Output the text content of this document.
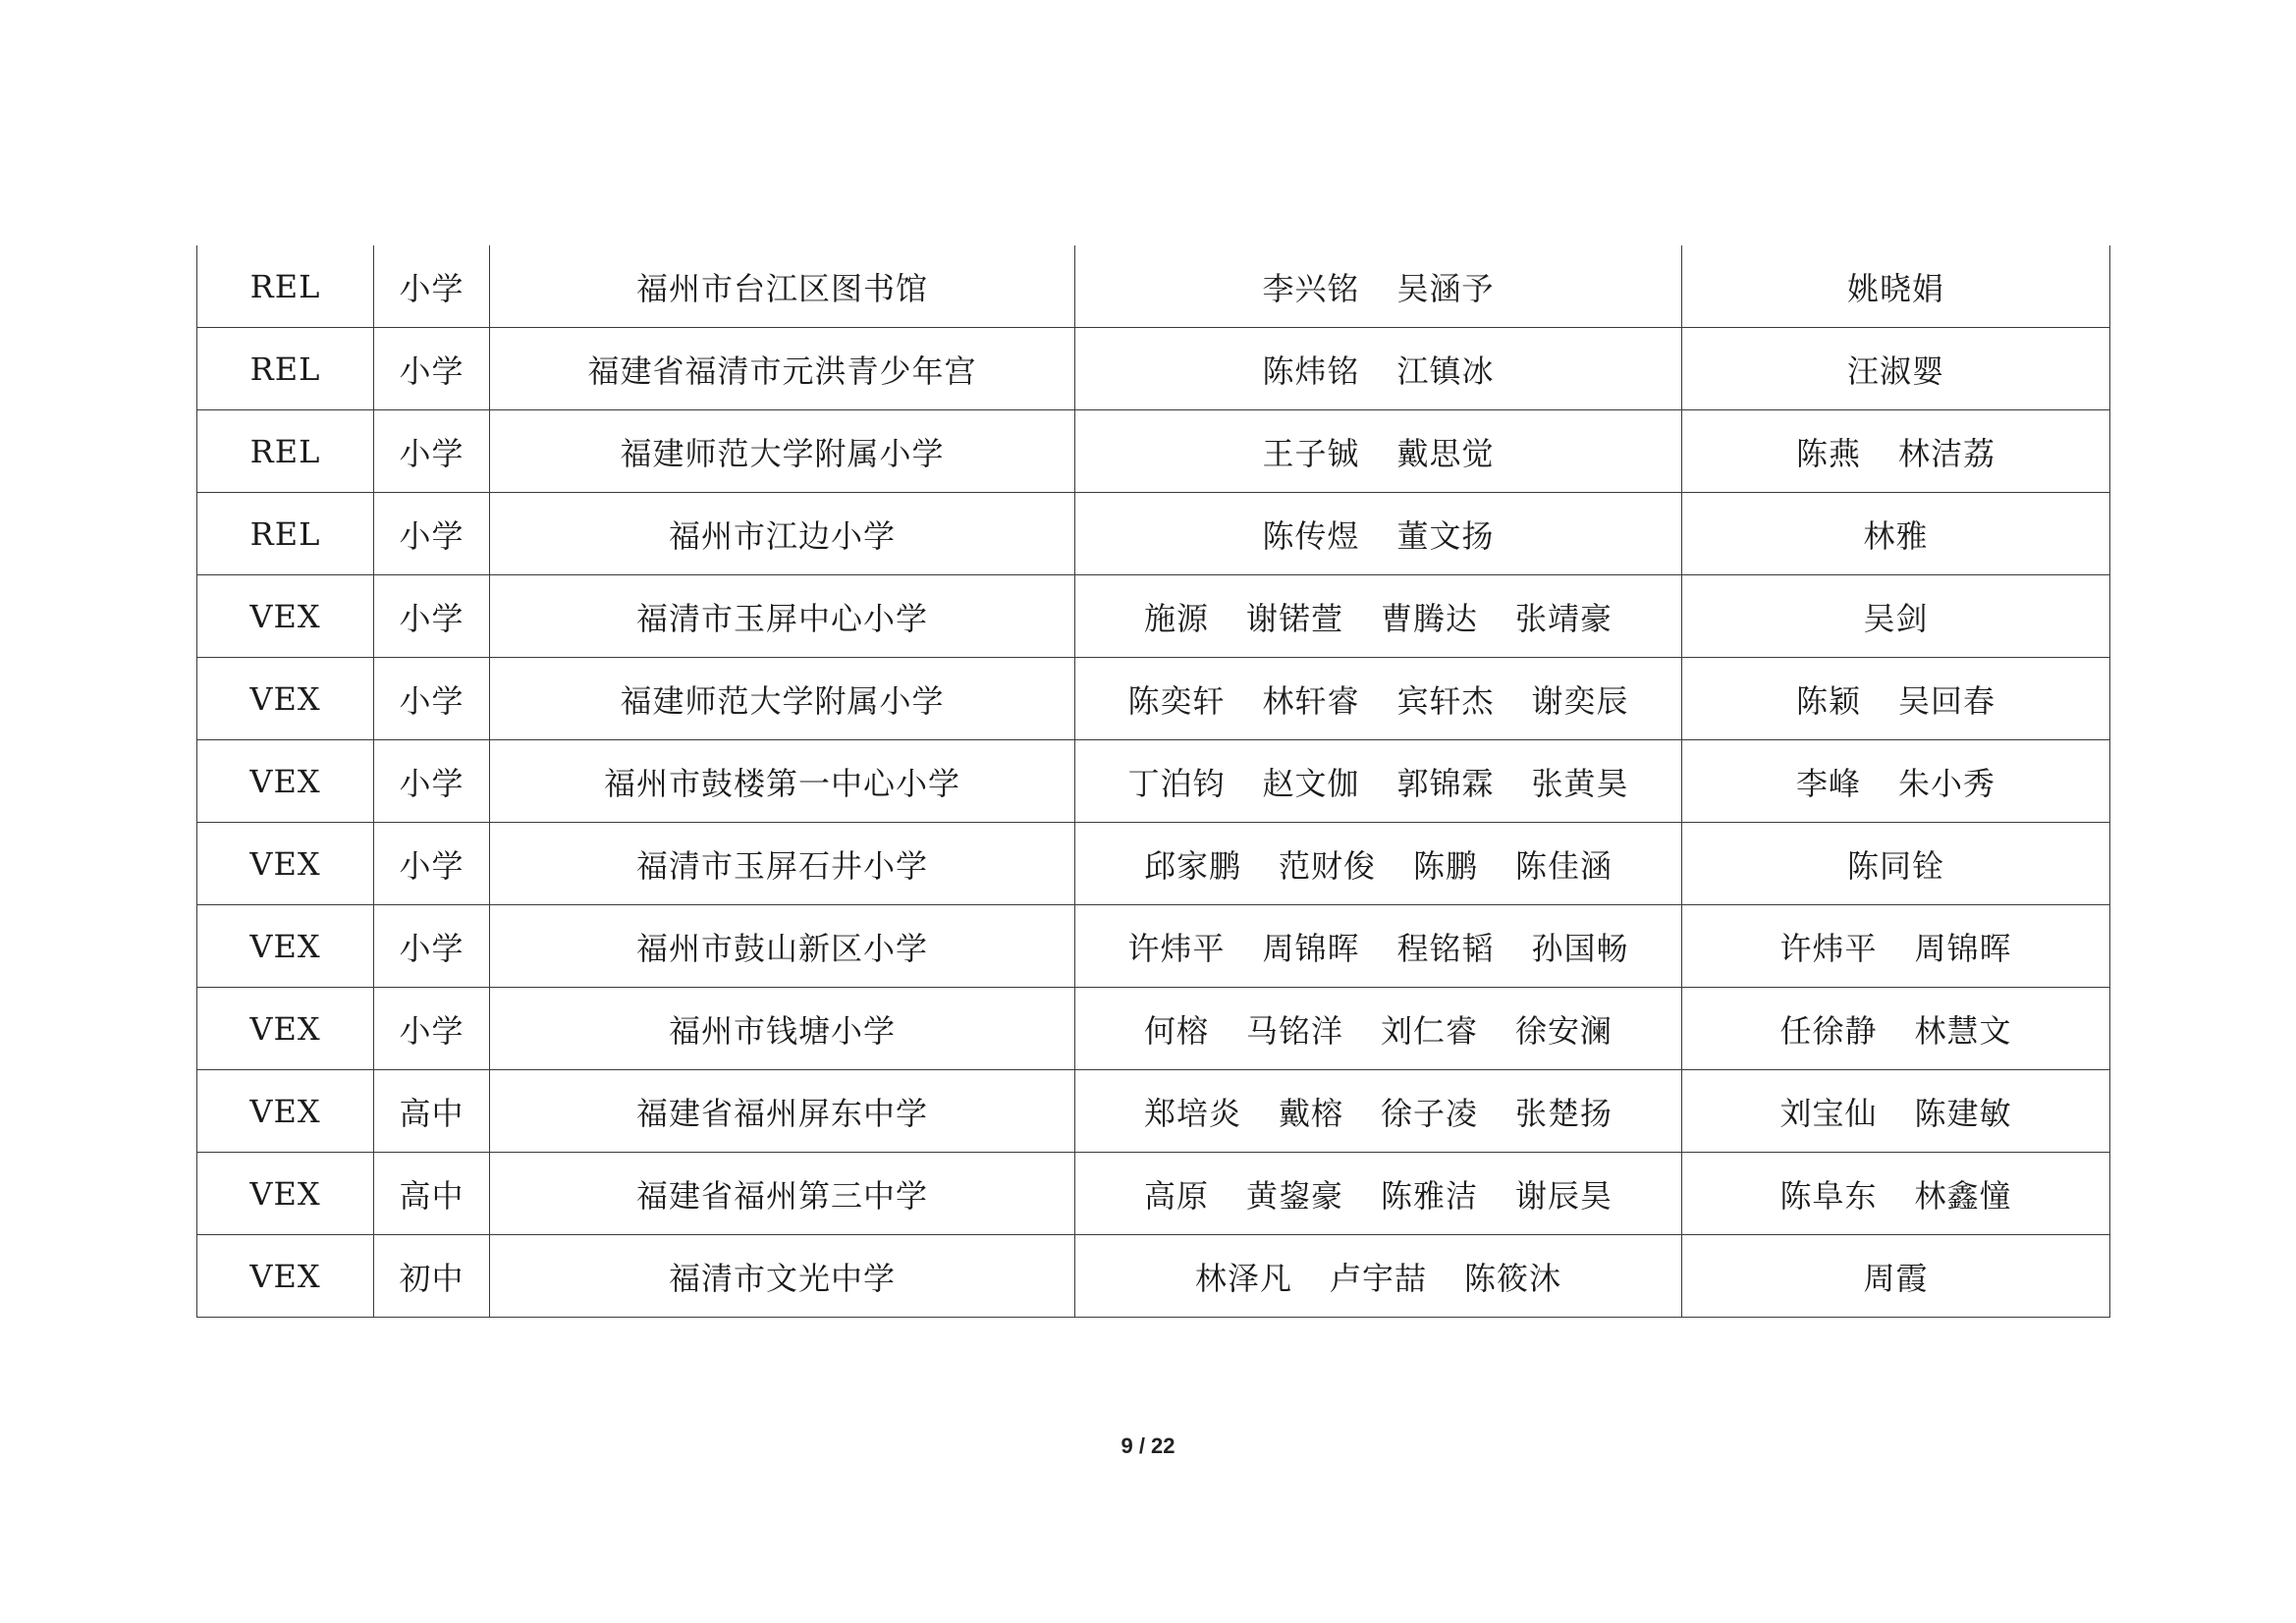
REL	小学	福州市台江区图书馆	李兴铭 吴涵予	姚晓娟
REL	小学	福建省福清市元洪青少年宫	陈炜铭 江镇冰	汪淑婴
REL	小学	福建师范大学附属小学	王子铖 戴思觉	陈燕 林洁荔
REL	小学	福州市江边小学	陈传煜 董文扬	林雅
VEX	小学	福清市玉屏中心小学	施源 谢锘萱 曹腾达 张靖豪	吴剑
VEX	小学	福建师范大学附属小学	陈奕轩 林轩睿 宾轩杰 谢奕辰	陈颖 吴回春
VEX	小学	福州市鼓楼第一中心小学	丁泊钧 赵文伽 郭锦霖 张黄昊	李峰 朱小秀
VEX	小学	福清市玉屏石井小学	邱家鹏 范财俊 陈鹏 陈佳涵	陈同铨
VEX	小学	福州市鼓山新区小学	许炜平 周锦晖 程铭韬 孙国畅	许炜平 周锦晖
VEX	小学	福州市钱塘小学	何榕 马铭洋 刘仁睿 徐安澜	任徐静 林慧文
VEX	高中	福建省福州屏东中学	郑培炎 戴榕 徐子凌 张楚扬	刘宝仙 陈建敏
VEX	高中	福建省福州第三中学	高原 黄鋆豪 陈雅洁 谢辰昊	陈阜东 林鑫憧
VEX	初中	福清市文光中学	林泽凡 卢宇喆 陈筱沐	周霞
9 / 22
